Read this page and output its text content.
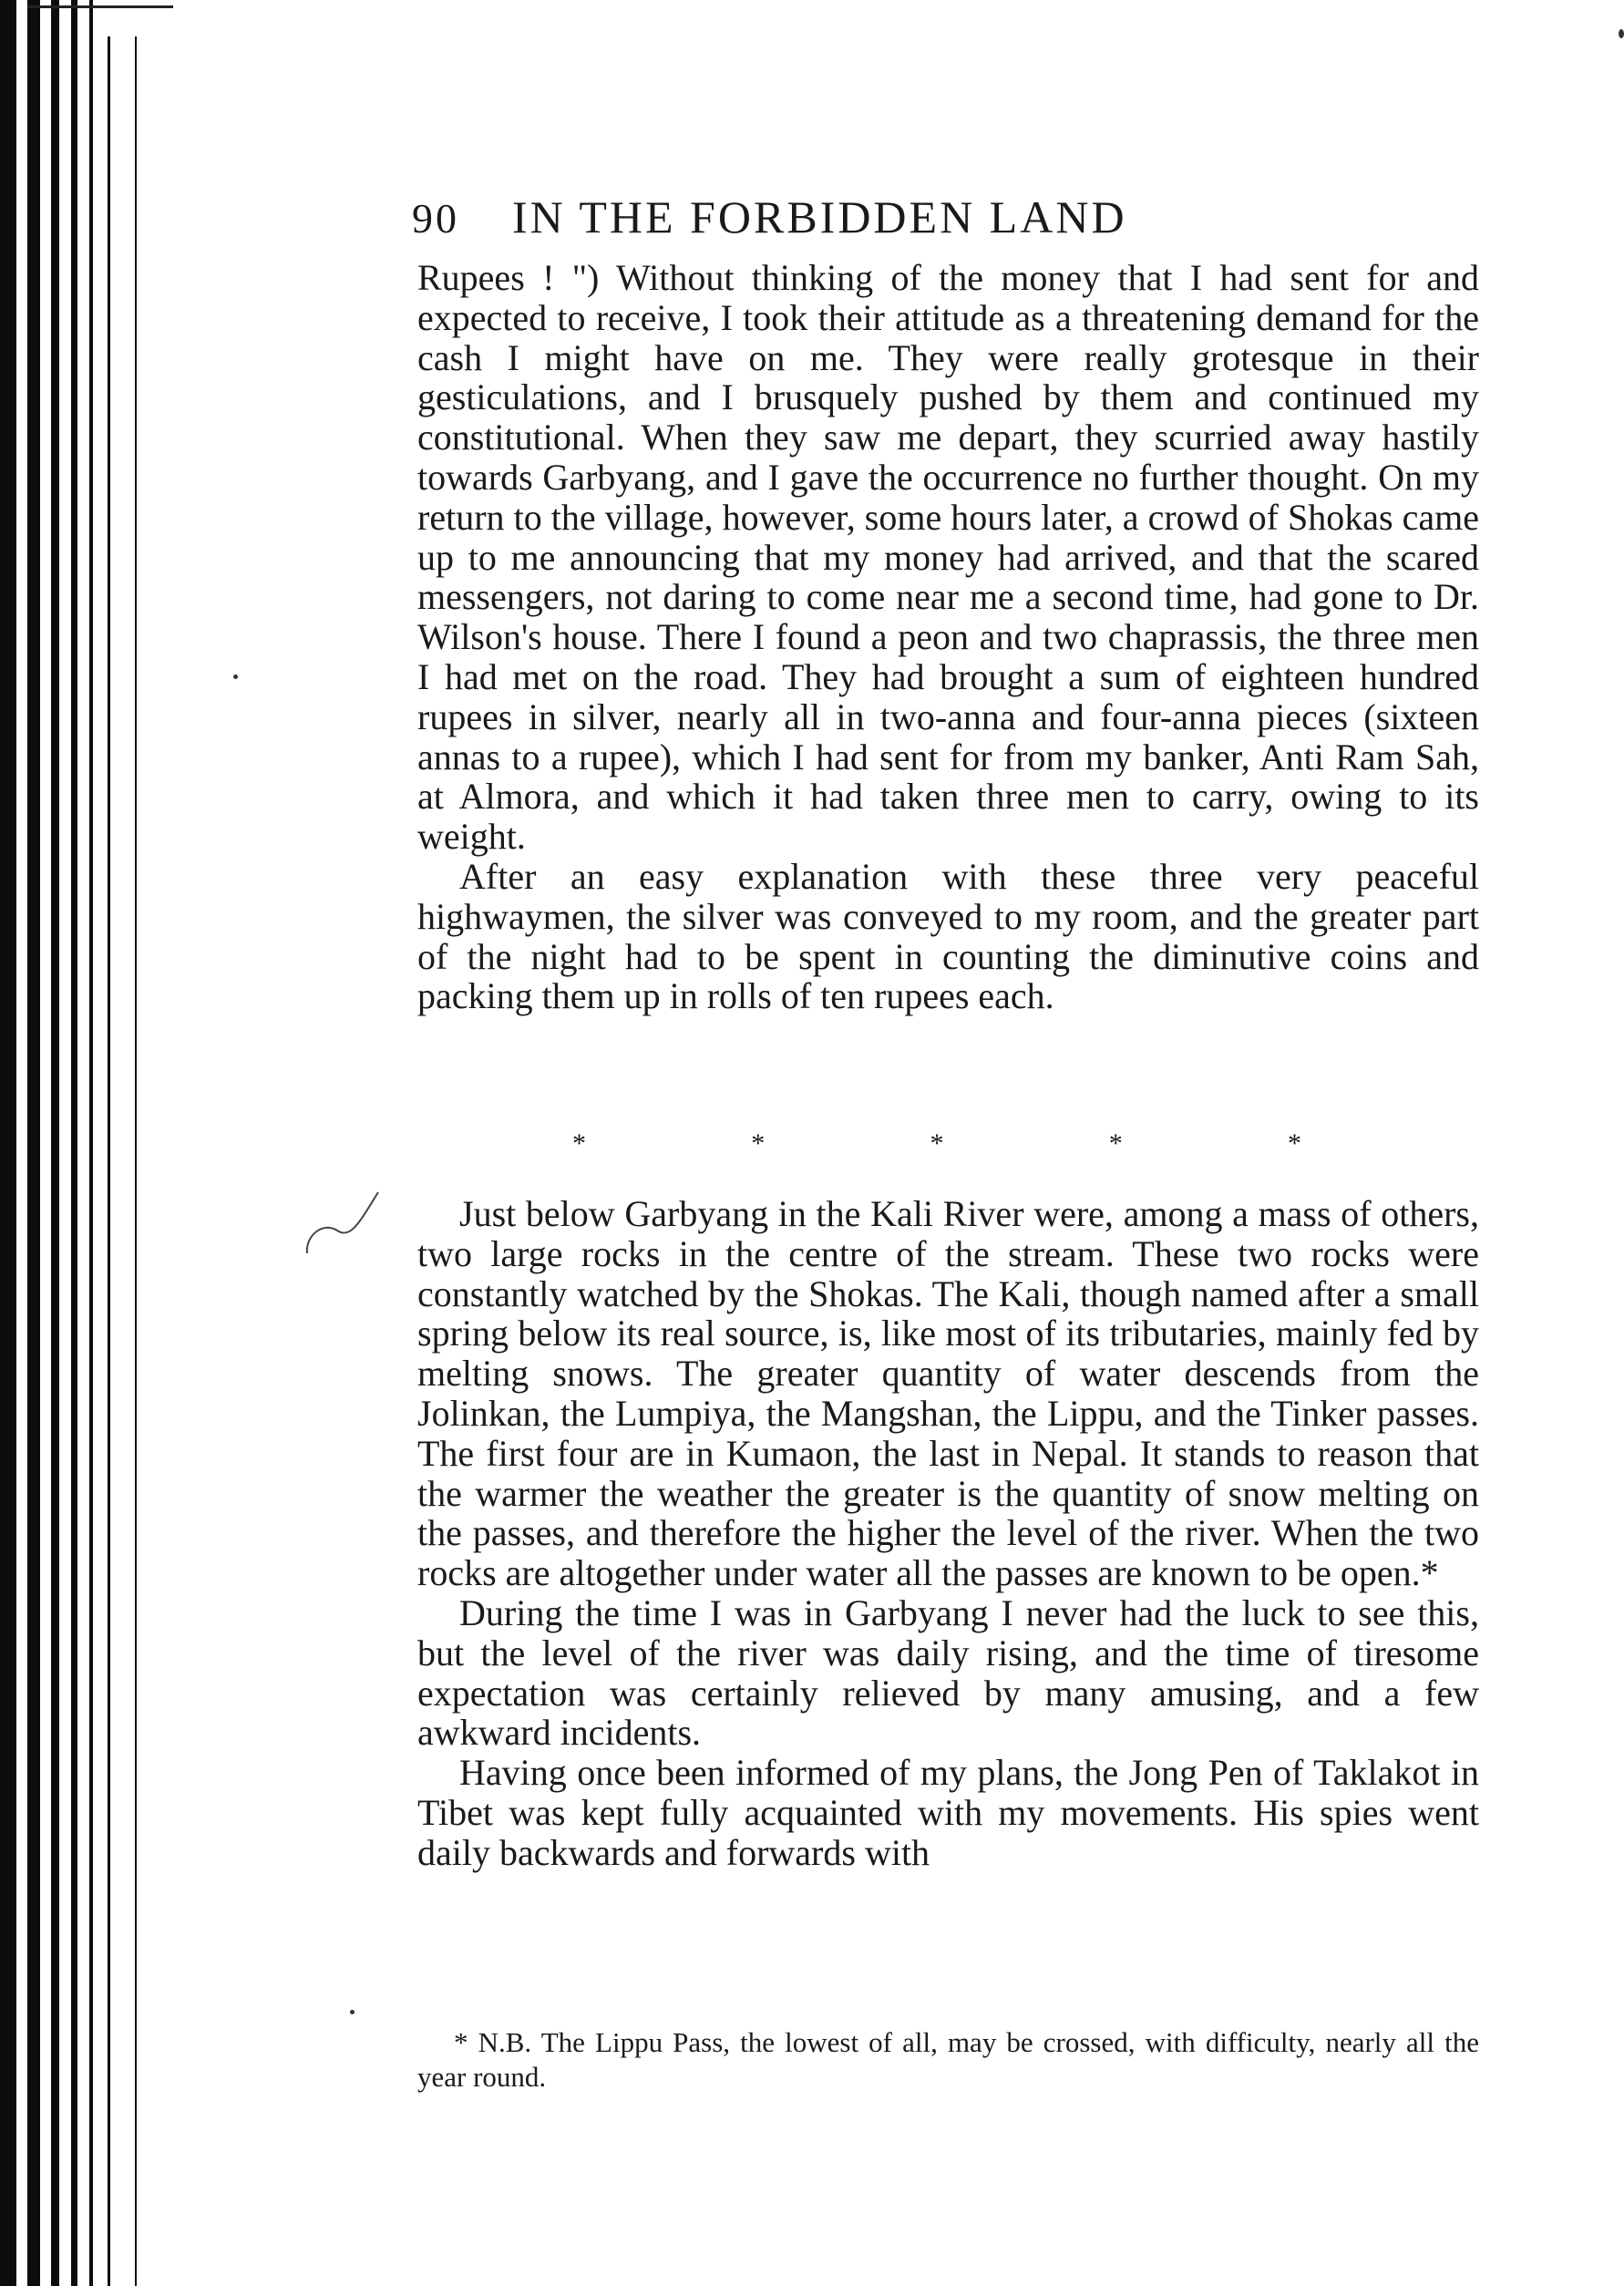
90 IN THE FORBIDDEN LAND

Rupees ! ") Without thinking of the money that I had sent for and expected to receive, I took their attitude as a threatening demand for the cash I might have on me. They were really grotesque in their gesticulations, and I brusquely pushed by them and continued my constitutional. When they saw me depart, they scurried away hastily towards Garbyang, and I gave the occurrence no further thought. On my return to the village, however, some hours later, a crowd of Shokas came up to me announcing that my money had arrived, and that the scared messengers, not daring to come near me a second time, had gone to Dr. Wilson's house. There I found a peon and two chaprassis, the three men I had met on the road. They had brought a sum of eighteen hundred rupees in silver, nearly all in two-anna and four-anna pieces (sixteen annas to a rupee), which I had sent for from my banker, Anti Ram Sah, at Almora, and which it had taken three men to carry, owing to its weight.

After an easy explanation with these three very peaceful highwaymen, the silver was conveyed to my room, and the greater part of the night had to be spent in counting the diminutive coins and packing them up in rolls of ten rupees each.

*	*	*	*	*

Just below Garbyang in the Kali River were, among a mass of others, two large rocks in the centre of the stream. These two rocks were constantly watched by the Shokas. The Kali, though named after a small spring below its real source, is, like most of its tributaries, mainly fed by melting snows. The greater quantity of water descends from the Jolinkan, the Lumpiya, the Mangshan, the Lippu, and the Tinker passes. The first four are in Kumaon, the last in Nepal. It stands to reason that the warmer the weather the greater is the quantity of snow melting on the passes, and therefore the higher the level of the river. When the two rocks are altogether under water all the passes are known to be open.*

During the time I was in Garbyang I never had the luck to see this, but the level of the river was daily rising, and the time of tiresome expectation was certainly relieved by many amusing, and a few awkward incidents.

Having once been informed of my plans, the Jong Pen of Taklakot in Tibet was kept fully acquainted with my movements. His spies went daily backwards and forwards with

* N.B. The Lippu Pass, the lowest of all, may be crossed, with difficulty, nearly all the year round.
